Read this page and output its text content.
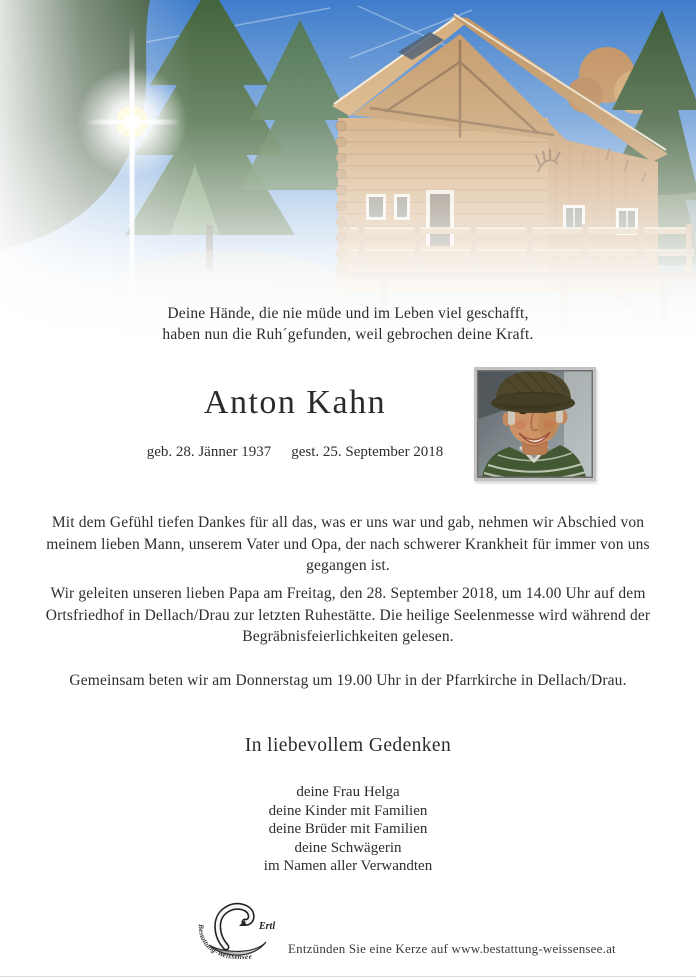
Deine Hände, die nie müde und im Leben viel geschafft,
haben nun die Ruh´gefunden, weil gebrochen deine Kraft.
Anton Kahn
geb. 28. Jänner 1937 gest. 25. September 2018
Mit dem Gefühl tiefen Dankes für all das, was er uns war und gab, nehmen wir Abschied von meinem lieben Mann, unserem Vater und Opa, der nach schwerer Krankheit für immer von uns gegangen ist.
Wir geleiten unseren lieben Papa am Freitag, den 28. September 2018, um 14.00 Uhr auf dem Ortsfriedhof in Dellach/Drau zur letzten Ruhestätte. Die heilige Seelenmesse wird während der Begräbnisfeierlichkeiten gelesen.
Gemeinsam beten wir am Donnerstag um 19.00 Uhr in der Pfarrkirche in Dellach/Drau.
In liebevollem Gedenken
deine Frau Helga
deine Kinder mit Familien
deine Brüder mit Familien
deine Schwägerin
im Namen aller Verwandten
Bestattung-Weissensee
Ertl
Entzünden Sie eine Kerze auf www.bestattung-weissensee.at
